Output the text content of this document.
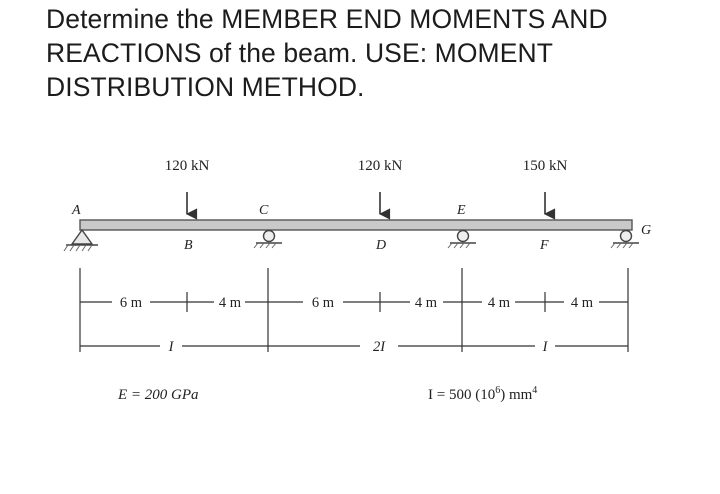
Determine the MEMBER END MOMENTS AND
REACTIONS of the beam. USE: MOMENT
DISTRIBUTION METHOD.
120 kN	120 kN	150 kN
A
B
C
D
E
F
G
6 m	4 m	6 m	4 m	4 m	4 m
I	2I	I
E = 200 GPa	I = 500 $(10^6)$ $mm^4$
